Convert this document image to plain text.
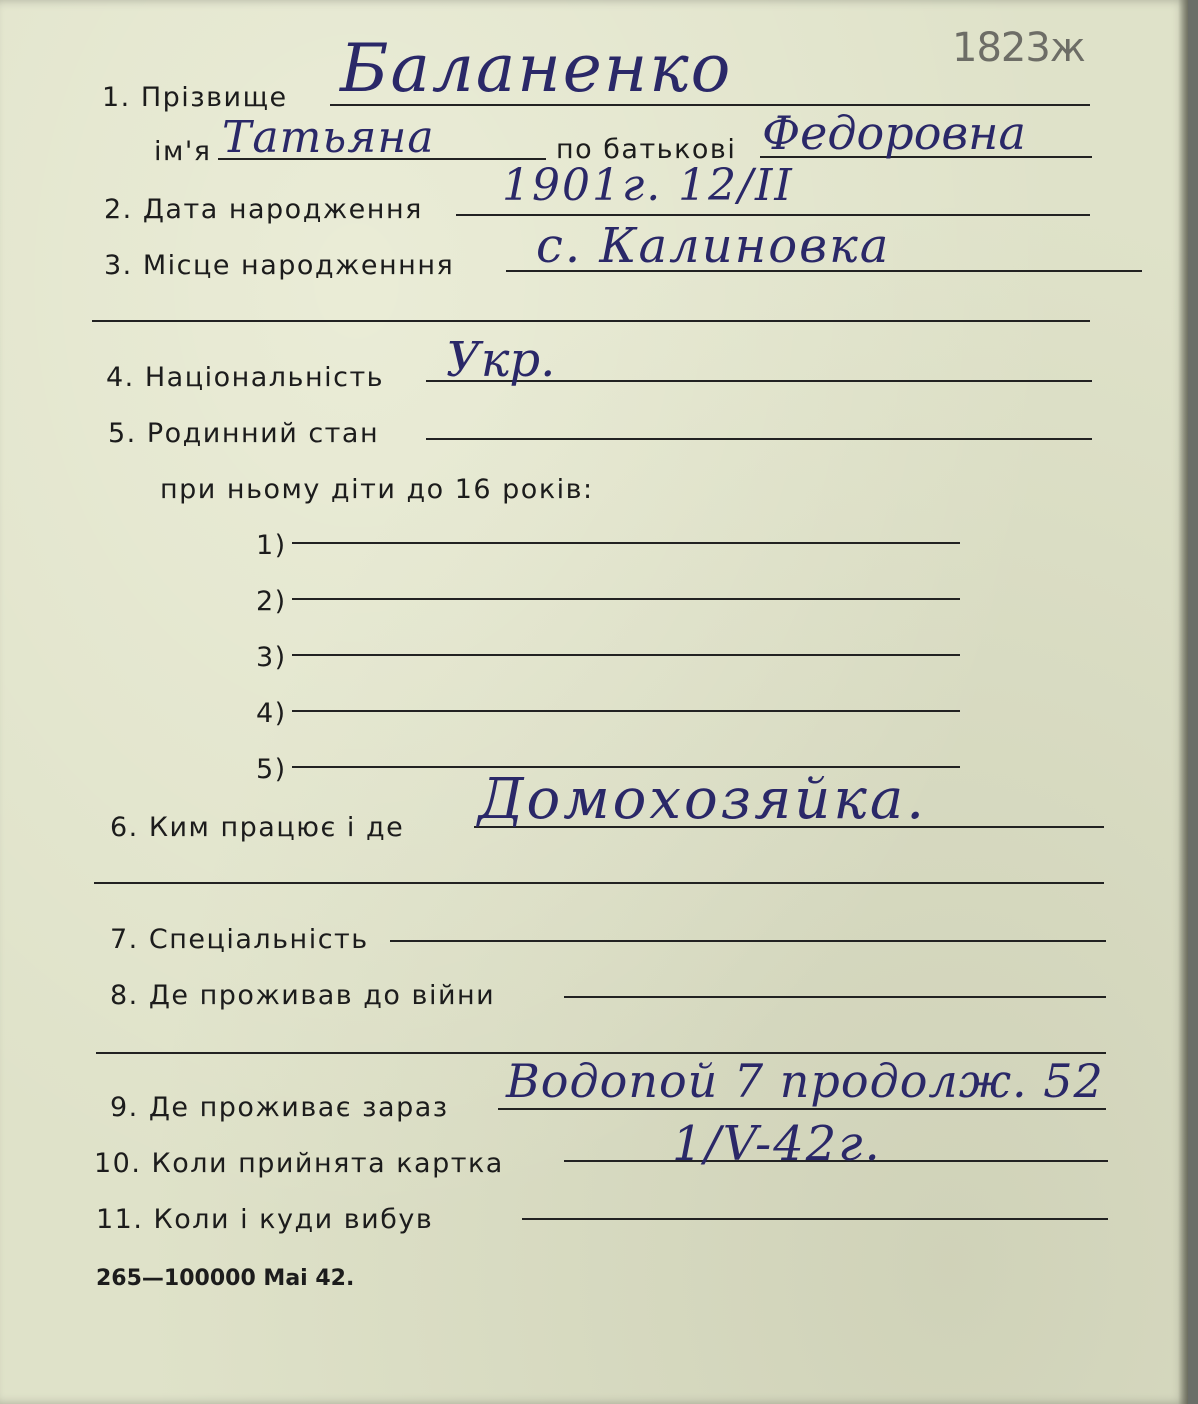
1823ж
1. Прізвище Баланенко
ім'я Татьяна	по батькові Федоровна
2. Дата народження 1901г. 12/II
3. Місце народженння с. Калиновка
4. Національність Укр.
5. Родинний стан
при ньому діти до 16 років:
1)
2)
3)
4)
5)
6. Ким працює і де Домохозяйка.
7. Спеціальність
8. Де проживав до війни
9. Де проживає зараз Водопой 7 продолж. 52
10. Коли прийнята картка	1/V-42г.
11. Коли і куди вибув
265—100000 Mai 42.
